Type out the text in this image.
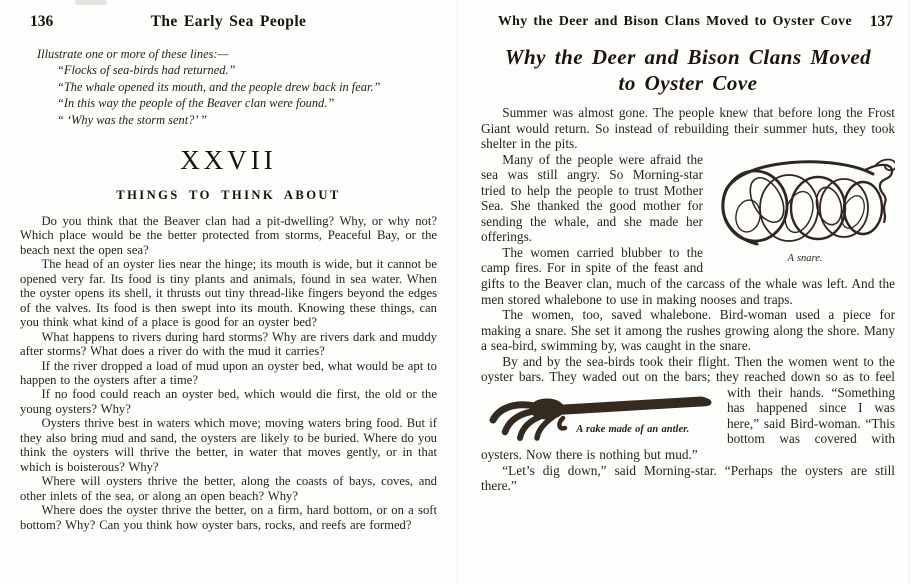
136	The Early Sea People
Illustrate one or more of these lines:—
“Flocks of sea-birds had returned.”
“The whale opened its mouth, and the people drew back in fear.”
“In this way the people of the Beaver clan were found.”
“ ‘Why was the storm sent?’ ”
XXVII
THINGS TO THINK ABOUT

Do you think that the Beaver clan had a pit-dwelling? Why, or why not? Which place would be the better protected from storms, Peaceful Bay, or the beach next the open sea?

The head of an oyster lies near the hinge; its mouth is wide, but it cannot be opened very far. Its food is tiny plants and animals, found in sea water. When the oyster opens its shell, it thrusts out tiny thread-like fingers beyond the edges of the valves. Its food is then swept into its mouth. Knowing these things, can you think what kind of a place is good for an oyster bed?

What happens to rivers during hard storms? Why are rivers dark and muddy after storms? What does a river do with the mud it carries?

If the river dropped a load of mud upon an oyster bed, what would be apt to happen to the oysters after a time?

If no food could reach an oyster bed, which would die first, the old or the young oysters? Why?

Oysters thrive best in waters which move; moving waters bring food. But if they also bring mud and sand, the oysters are likely to be buried. Where do you think the oysters will thrive the better, in water that moves gently, or in that which is boisterous? Why?

Where will oysters thrive the better, along the coasts of bays, coves, and other inlets of the sea, or along an open beach? Why?

Where does the oyster thrive the better, on a firm, hard bottom, or on a soft bottom? Why? Can you think how oyster bars, rocks, and reefs are formed?

Why the Deer and Bison Clans Moved to Oyster Cove	137
Why the Deer and Bison Clans Moved
to Oyster Cove

Summer was almost gone. The people knew that before long the Frost Giant would return. So instead of rebuilding their summer huts, they took shelter in the pits.

A snare.

Many of the people were afraid the sea was still angry. So Morning-star tried to help the people to trust Mother Sea. She thanked the good mother for sending the whale, and she made her offerings.

The women carried blubber to the camp fires. For in spite of the feast and gifts to the Beaver clan, much of the carcass of the whale was left. And the men stored whalebone to use in making nooses and traps.

The women, too, saved whalebone. Bird-woman used a piece for making a snare. She set it among the rushes growing along the shore. Many a sea-bird, swimming by, was caught in the snare.

By and by the sea-birds took their flight. Then the women went to the oyster bars. They waded out on the
A rake made of an antler.
bars; they reached down so as to feel with their hands. “Something has happened since I was here,” said Bird-woman. “This bottom was covered with oysters. Now there is nothing but mud.”

“Let’s dig down,” said Morning-star. “Perhaps the oysters are still there.”
